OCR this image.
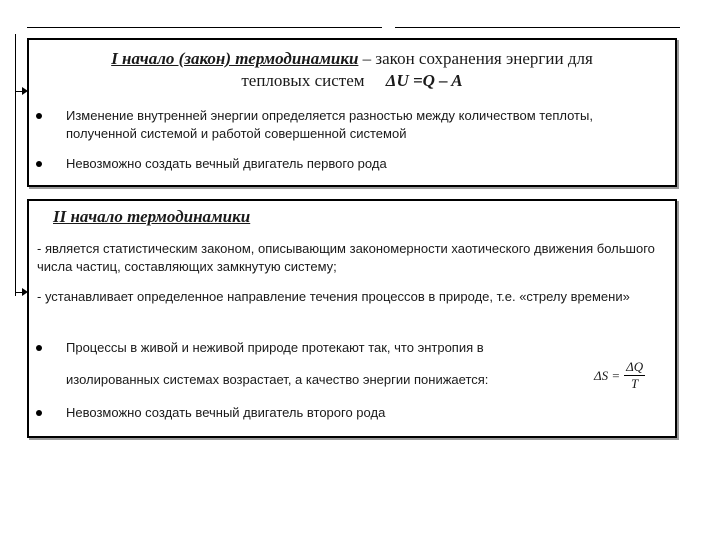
I начало (закон) термодинамики – закон сохранения энергии для
тепловых систем ΔU =Q – A
Изменение внутренней энергии определяется разностью между количеством теплоты, полученной системой и работой совершенной системой
Невозможно создать вечный двигатель первого рода
II начало термодинамики
- является статистическим законом, описывающим закономерности хаотического движения большого числа частиц, составляющих замкнутую систему;
- устанавливает определенное направление течения процессов в природе, т.е. «стрелу времени»
Процессы в живой и неживой природе протекают так, что энтропия в
изолированных системах возрастает, а качество энергии понижается:	$\Delta S = \frac{\Delta Q}{T}$
Невозможно создать вечный двигатель второго рода
